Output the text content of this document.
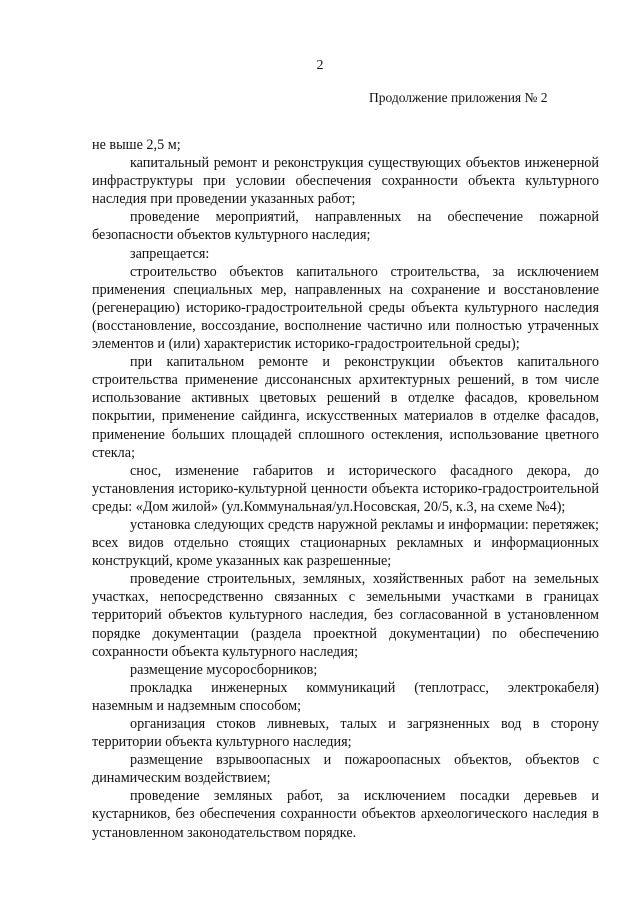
2
Продолжение приложения № 2

не выше 2,5 м;

капитальный ремонт и реконструкция существующих объектов инженерной инфраструктуры при условии обеспечения сохранности объекта культурного наследия при проведении указанных работ;

проведение мероприятий, направленных на обеспечение пожарной безопасности объектов культурного наследия;

запрещается:

строительство объектов капитального строительства, за исключением применения специальных мер, направленных на сохранение и восстановление (регенерацию) историко-градостроительной среды объекта культурного наследия (восстановление, воссоздание, восполнение частично или полностью утраченных элементов и (или) характеристик историко-градостроительной среды);

при капитальном ремонте и реконструкции объектов капитального строительства применение диссонансных архитектурных решений, в том числе использование активных цветовых решений в отделке фасадов, кровельном покрытии, применение сайдинга, искусственных материалов в отделке фасадов, применение больших площадей сплошного остекления, использование цветного стекла;

снос, изменение габаритов и исторического фасадного декора, до установления историко-культурной ценности объекта историко-градостроительной среды: «Дом жилой» (ул.Коммунальная/ул.Носовская, 20/5, к.3, на схеме №4);

установка следующих средств наружной рекламы и информации: перетяжек; всех видов отдельно стоящих стационарных рекламных и информационных конструкций, кроме указанных как разрешенные;

проведение строительных, земляных, хозяйственных работ на земельных участках, непосредственно связанных с земельными участками в границах территорий объектов культурного наследия, без согласованной в установленном порядке документации (раздела проектной документации) по обеспечению сохранности объекта культурного наследия;

размещение мусоросборников;

прокладка инженерных коммуникаций (теплотрасс, электрокабеля) наземным и надземным способом;

организация стоков ливневых, талых и загрязненных вод в сторону территории объекта культурного наследия;

размещение взрывоопасных и пожароопасных объектов, объектов с динамическим воздействием;

проведение земляных работ, за исключением посадки деревьев и кустарников, без обеспечения сохранности объектов археологического наследия в установленном законодательством порядке.
